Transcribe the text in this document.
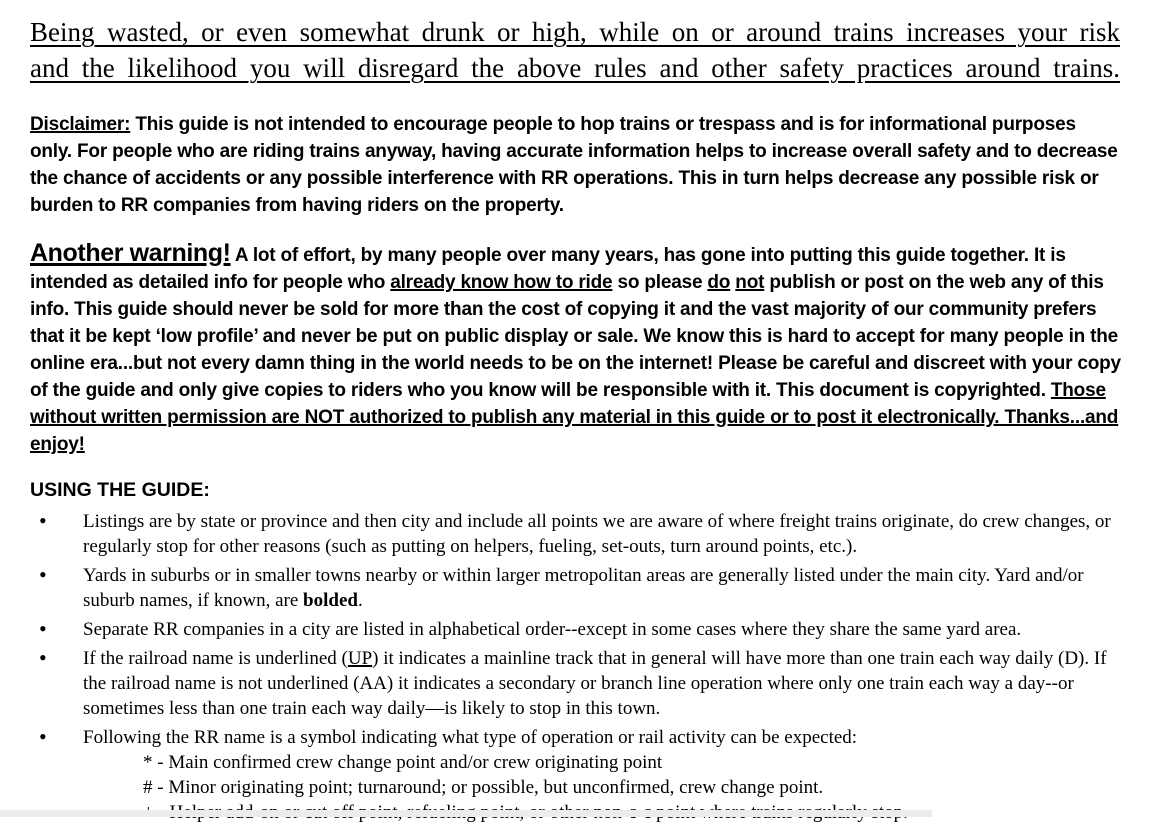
Being wasted, or even somewhat drunk or high, while on or around trains increases your risk
and the likelihood you will disregard the above rules and other safety practices around trains.

Disclaimer: This guide is not intended to encourage people to hop trains or trespass and is for informational purposes only. For people who are riding trains anyway, having accurate information helps to increase overall safety and to decrease the chance of accidents or any possible interference with RR operations. This in turn helps decrease any possible risk or burden to RR companies from having riders on the property.

Another warning! A lot of effort, by many people over many years, has gone into putting this guide together. It is intended as detailed info for people who already know how to ride so please do not publish or post on the web any of this info. This guide should never be sold for more than the cost of copying it and the vast majority of our community prefers that it be kept ‘low profile’ and never be put on public display or sale. We know this is hard to accept for many people in the online era...but not every damn thing in the world needs to be on the internet! Please be careful and discreet with your copy of the guide and only give copies to riders who you know will be responsible with it. This document is copyrighted. Those without written permission are NOT authorized to publish any material in this guide or to post it electronically. Thanks...and enjoy!

USING THE GUIDE:
• Listings are by state or province and then city and include all points we are aware of where freight trains originate, do crew changes, or regularly stop for other reasons (such as putting on helpers, fueling, set-outs, turn around points, etc.).
• Yards in suburbs or in smaller towns nearby or within larger metropolitan areas are generally listed under the main city. Yard and/or suburb names, if known, are bolded.
• Separate RR companies in a city are listed in alphabetical order--except in some cases where they share the same yard area.
• If the railroad name is underlined (UP) it indicates a mainline track that in general will have more than one train each way daily (D). If the railroad name is not underlined (AA) it indicates a secondary or branch line operation where only one train each way a day--or sometimes less than one train each way daily—is likely to stop in this town.
• Following the RR name is a symbol indicating what type of operation or rail activity can be expected:
* - Main confirmed crew change point and/or crew originating point
# - Minor originating point; turnaround; or possible, but unconfirmed, crew change point.
